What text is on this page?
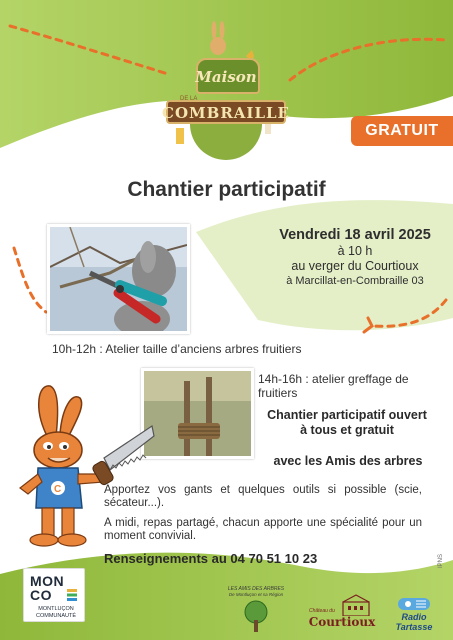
Maison
DE LA
COMBRAILLE
GRATUIT
Chantier participatif
Vendredi 18 avril 2025
à 10 h
au verger du Courtioux
à Marcillat-en-Combraille 03
10h-12h : Atelier taille d’anciens arbres fruitiers
14h-16h : atelier greffage de fruitiers
Chantier participatif ouvert à tous et gratuit
avec les Amis des arbres
C	Apportez vos gants et quelques outils si possible (scie, sécateur...).
A midi, repas partagé, chacun apporte une spécialité pour un moment convivial.
Renseignements au 04 70 51 10 23	IPNS
MON
CO
MONTLUÇON
COMMUNAUTÉ
LES AMIS DES ARBRES
De Montluçon et sa Région
Château du
Courtioux	Radio Tartasse
